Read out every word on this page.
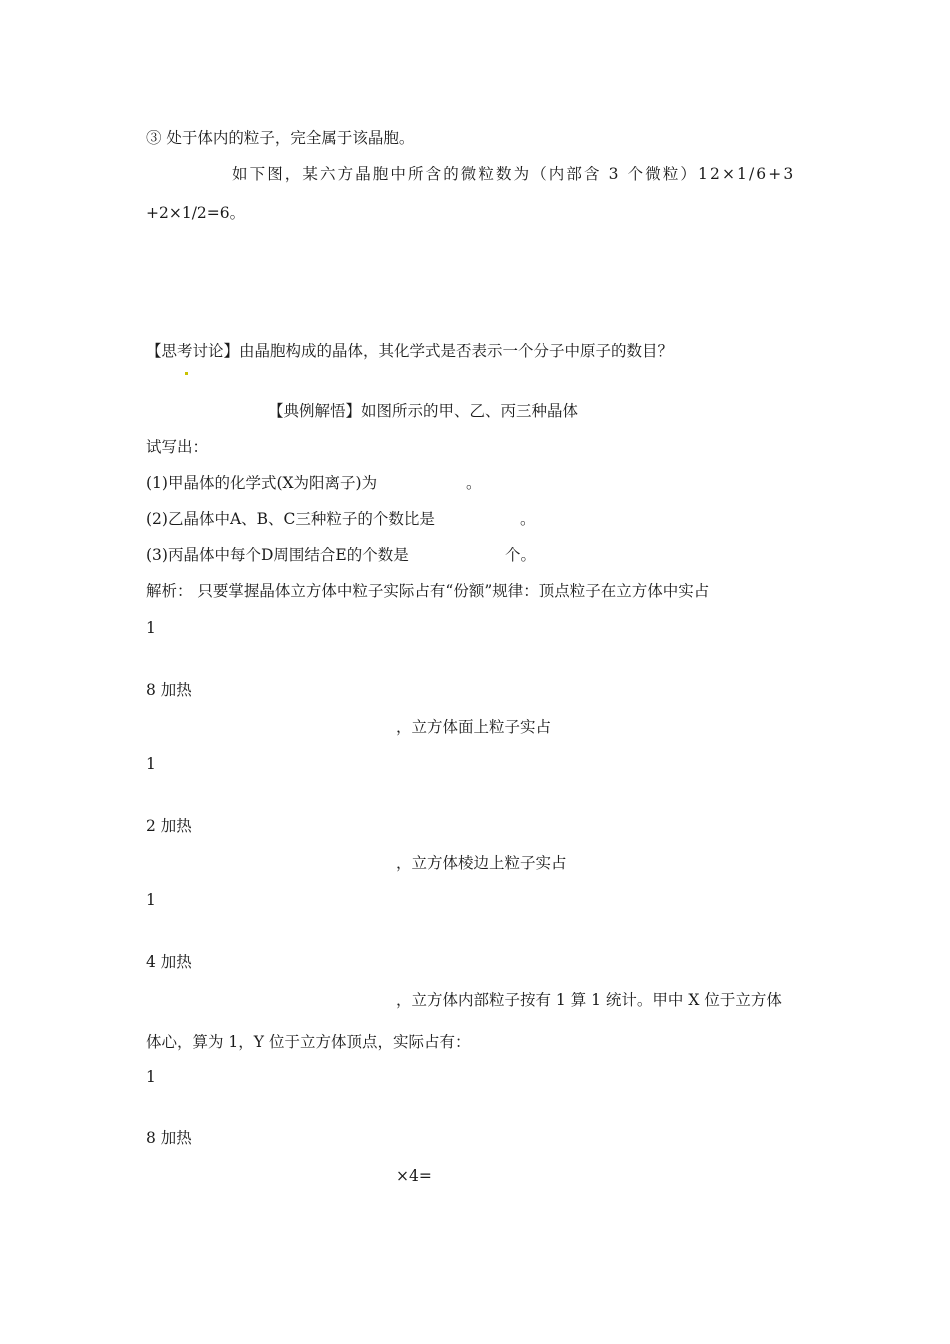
③ 处于体内的粒子，完全属于该晶胞。
如下图，某六方晶胞中所含的微粒数为（内部含 3 个微粒）12×1/6+3
+2×1/2=6。
【思考讨论】由晶胞构成的晶体，其化学式是否表示一个分子中原子的数目？
【典例解悟】如图所示的甲、乙、丙三种晶体
试写出：
(1)甲晶体的化学式(X为阳离子)为	。
(2)乙晶体中A、B、C三种粒子的个数比是	。
(3)丙晶体中每个D周围结合E的个数是	个。
解析： 只要掌握晶体立方体中粒子实际占有“份额”规律：顶点粒子在立方体中实占
1
8 加热
，立方体面上粒子实占
1
2 加热
，立方体棱边上粒子实占
1
4 加热
，立方体内部粒子按有 1 算 1 统计。甲中 X 位于立方体
体心，算为 1，Y 位于立方体顶点，实际占有：
1
8 加热
×4=
